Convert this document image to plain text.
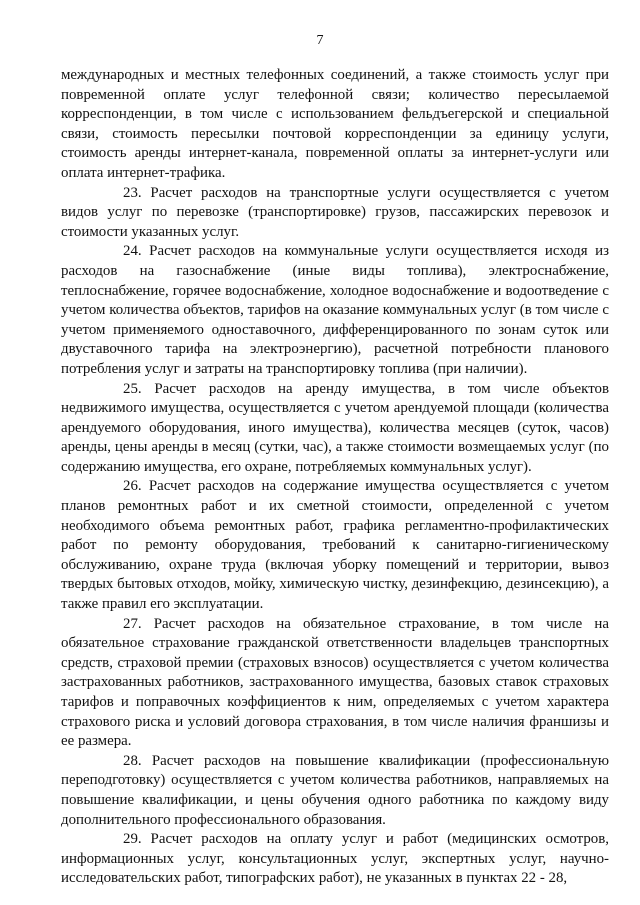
7

международных и местных телефонных соединений, а также стоимость услуг при повременной оплате услуг телефонной связи; количество пересылаемой корреспонденции, в том числе с использованием фельдъегерской и специальной связи, стоимость пересылки почтовой корреспонденции за единицу услуги, стоимость аренды интернет-канала, повременной оплаты за интернет-услуги или оплата интернет-трафика.

23. Расчет расходов на транспортные услуги осуществляется с учетом видов услуг по перевозке (транспортировке) грузов, пассажирских перевозок и стоимости указанных услуг.

24. Расчет расходов на коммунальные услуги осуществляется исходя из расходов на газоснабжение (иные виды топлива), электроснабжение, теплоснабжение, горячее водоснабжение, холодное водоснабжение и водоотведение с учетом количества объектов, тарифов на оказание коммунальных услуг (в том числе с учетом применяемого одноставочного, дифференцированного по зонам суток или двуставочного тарифа на электроэнергию), расчетной потребности планового потребления услуг и затраты на транспортировку топлива (при наличии).

25. Расчет расходов на аренду имущества, в том числе объектов недвижимого имущества, осуществляется с учетом арендуемой площади (количества арендуемого оборудования, иного имущества), количества месяцев (суток, часов) аренды, цены аренды в месяц (сутки, час), а также стоимости возмещаемых услуг (по содержанию имущества, его охране, потребляемых коммунальных услуг).

26. Расчет расходов на содержание имущества осуществляется с учетом планов ремонтных работ и их сметной стоимости, определенной с учетом необходимого объема ремонтных работ, графика регламентно-профилактических работ по ремонту оборудования, требований к санитарно-гигиеническому обслуживанию, охране труда (включая уборку помещений и территории, вывоз твердых бытовых отходов, мойку, химическую чистку, дезинфекцию, дезинсекцию), а также правил его эксплуатации.

27. Расчет расходов на обязательное страхование, в том числе на обязательное страхование гражданской ответственности владельцев транспортных средств, страховой премии (страховых взносов) осуществляется с учетом количества застрахованных работников, застрахованного имущества, базовых ставок страховых тарифов и поправочных коэффициентов к ним, определяемых с учетом характера страхового риска и условий договора страхования, в том числе наличия франшизы и ее размера.

28. Расчет расходов на повышение квалификации (профессиональную переподготовку) осуществляется с учетом количества работников, направляемых на повышение квалификации, и цены обучения одного работника по каждому виду дополнительного профессионального образования.

29. Расчет расходов на оплату услуг и работ (медицинских осмотров, информационных услуг, консультационных услуг, экспертных услуг, научно-исследовательских работ, типографских работ), не указанных в пунктах 22 - 28,
